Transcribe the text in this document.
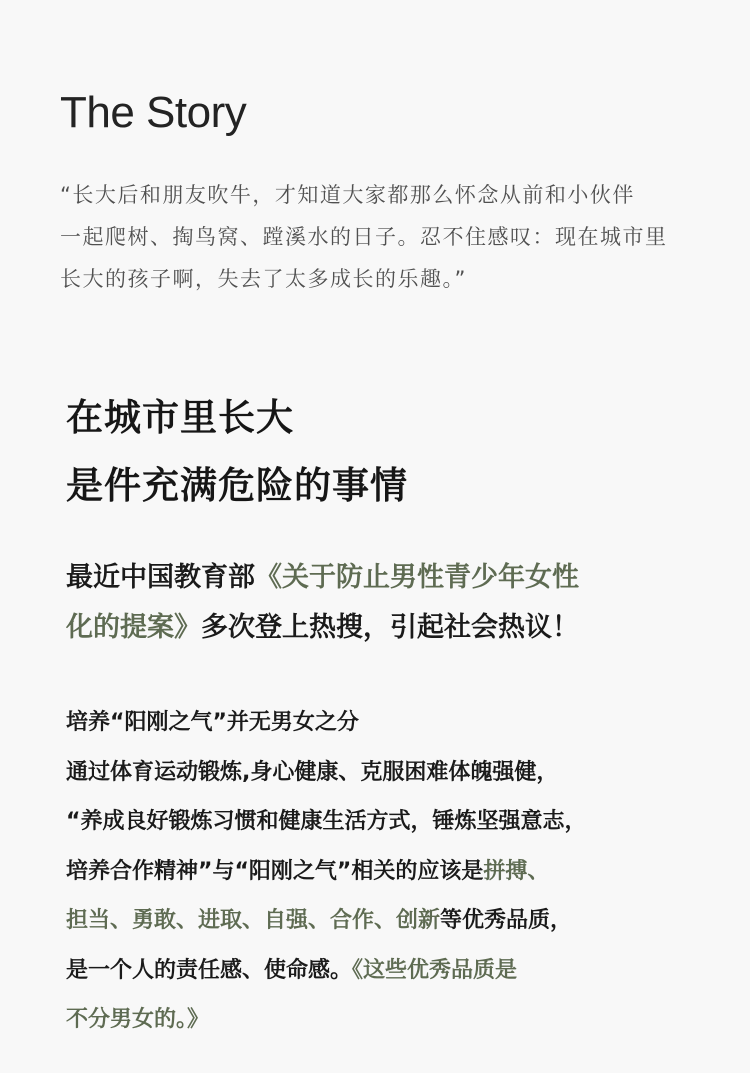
The Story

“长大后和朋友吹牛，才知道大家都那么怀念从前和小伙伴
一起爬树、掏鸟窝、蹚溪水的日子。忍不住感叹：现在城市里
长大的孩子啊，失去了太多成长的乐趣。”

在城市里长大
是件充满危险的事情

最近中国教育部《关于防止男性青少年女性
化的提案》多次登上热搜，引起社会热议！

培养“阳刚之气”并无男女之分
通过体育运动锻炼,身心健康、克服困难体魄强健，
“养成良好锻炼习惯和健康生活方式，锤炼坚强意志，
培养合作精神”与“阳刚之气”相关的应该是拼搏、
担当、勇敢、进取、自强、合作、创新等优秀品质，
是一个人的责任感、使命感。《这些优秀品质是
不分男女的。》
